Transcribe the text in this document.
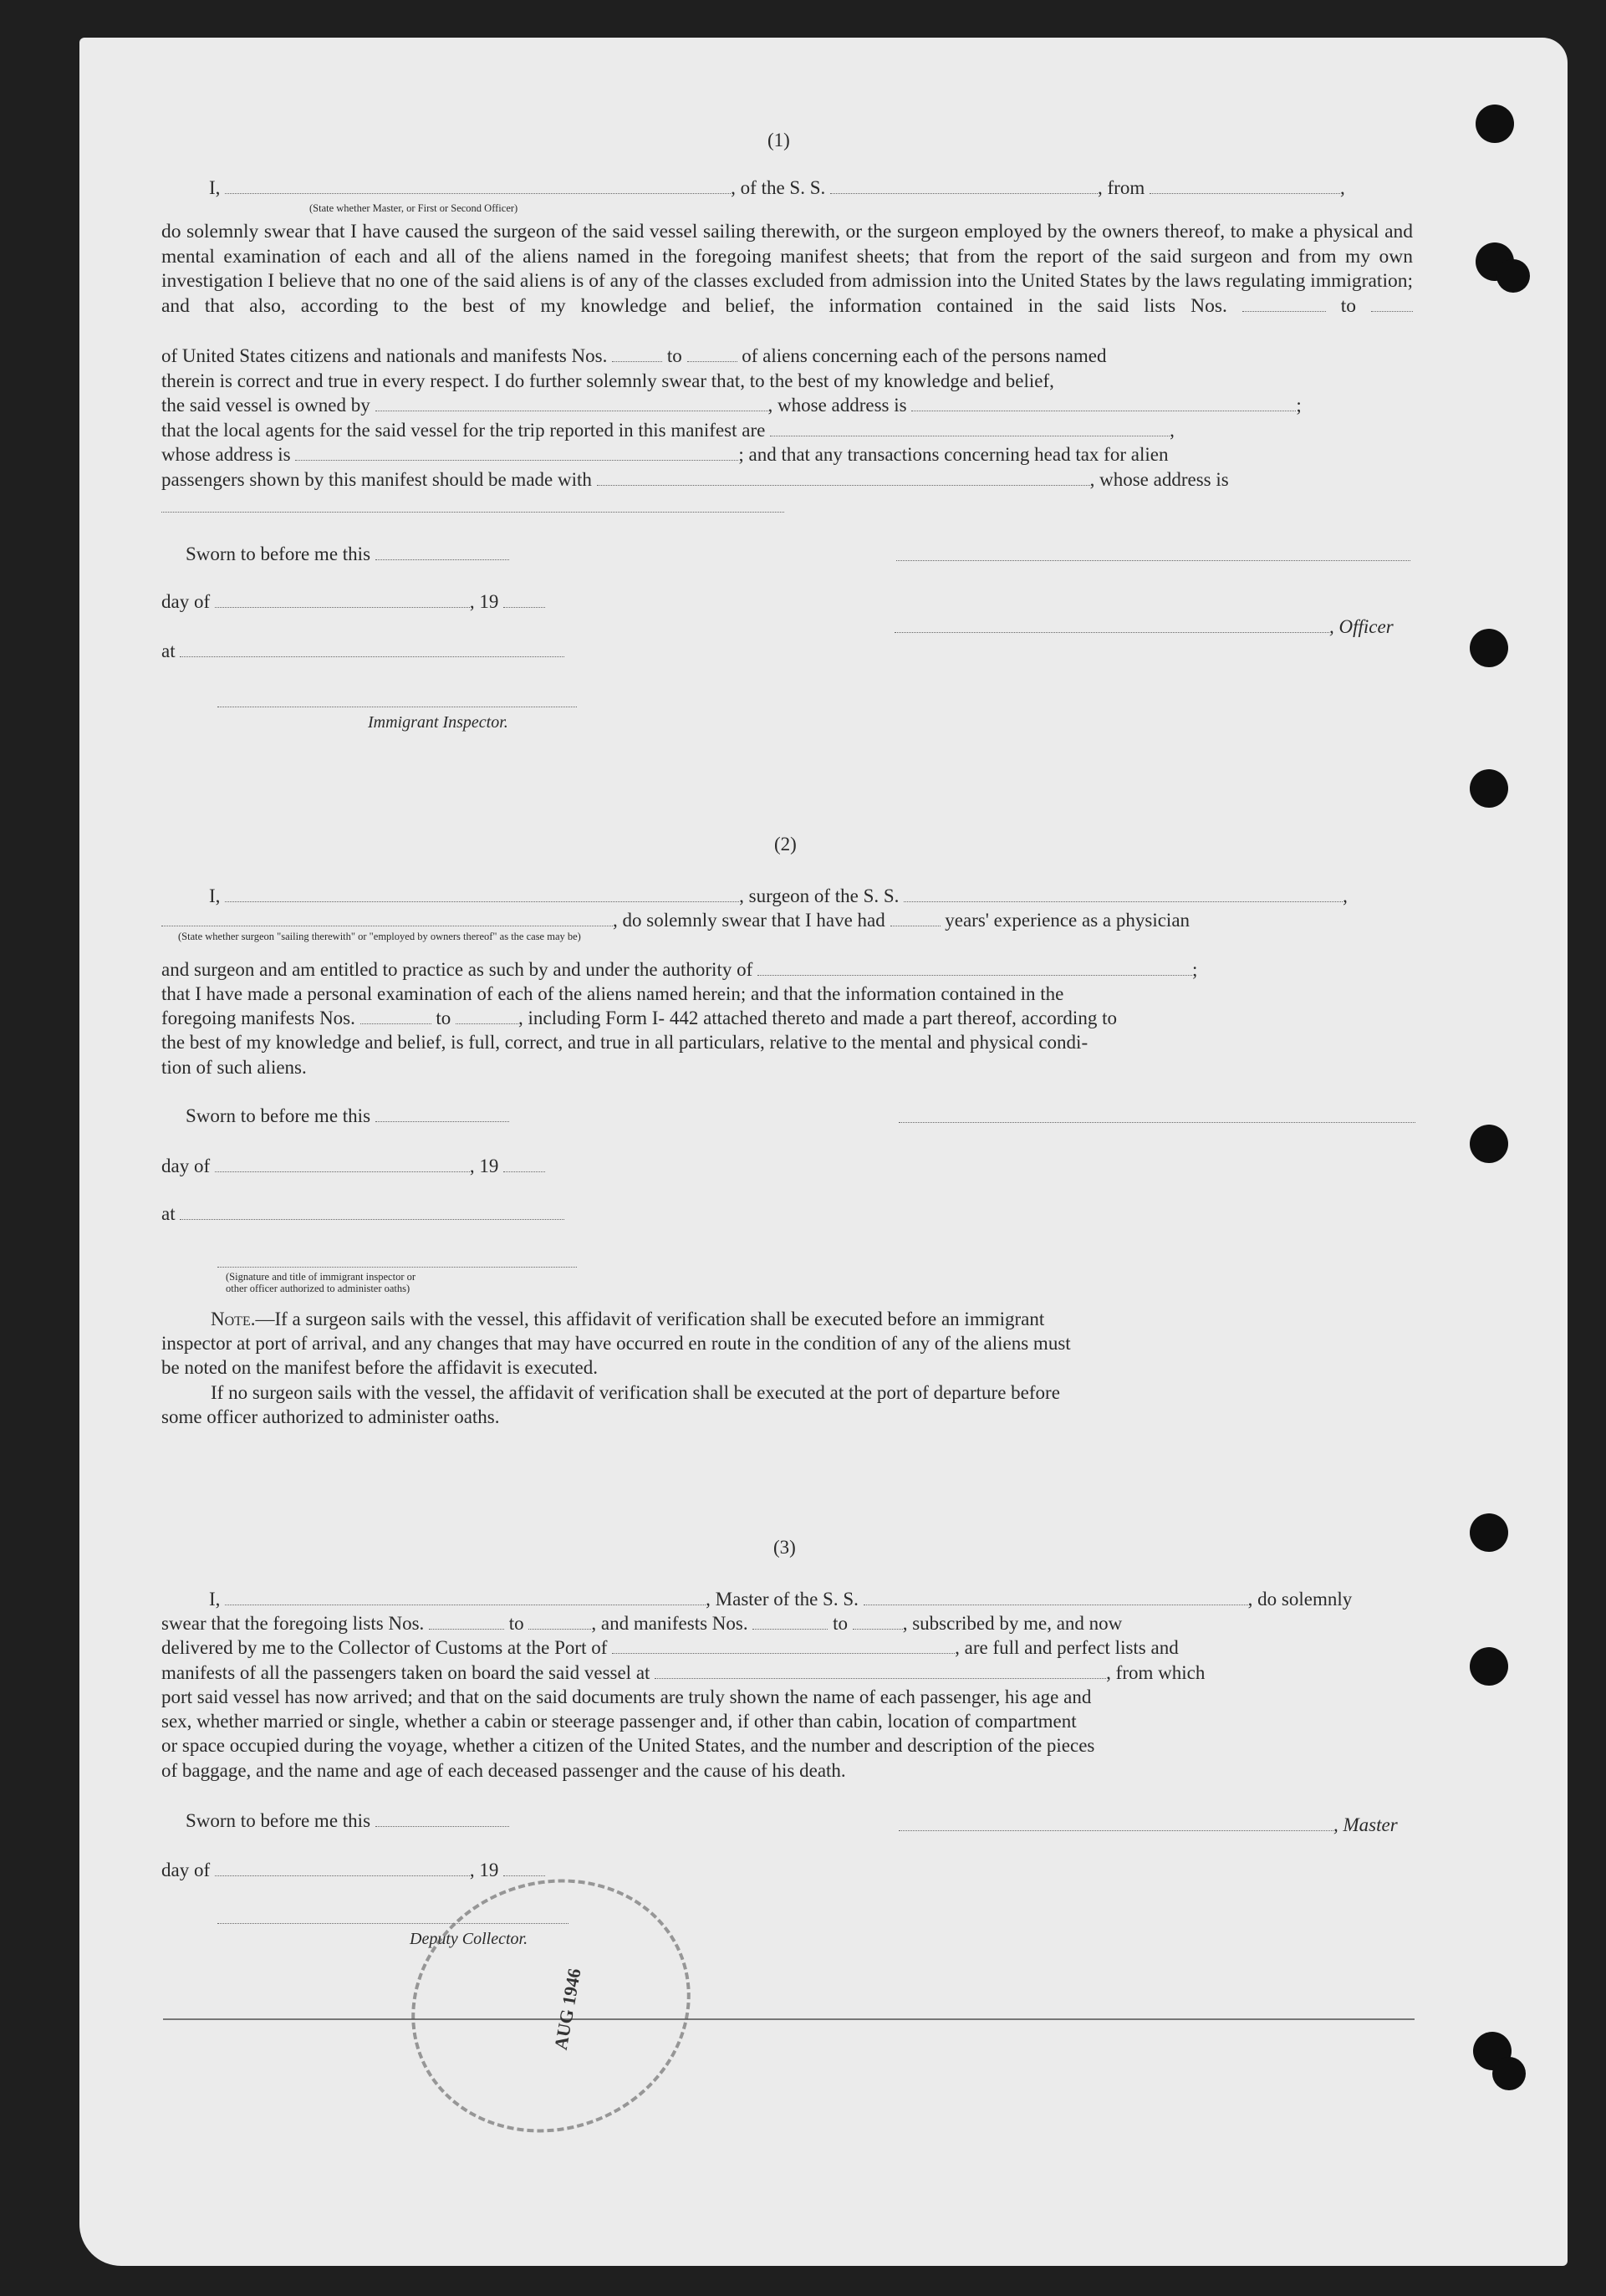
(1)
I,	, of the S. S.	, from	,
(State whether Master, or First or Second Officer)
do solemnly swear that I have caused the surgeon of the said vessel sailing therewith, or the surgeon employed by the owners thereof, to make a physical and mental examination of each and all of the aliens named in the foregoing manifest sheets; that from the report of the said surgeon and from my own investigation I believe that no one of the said aliens is of any of the classes excluded from admission into the United States by the laws regulating immigration; and that also, according to the best of my knowledge and belief, the information contained in the said lists Nos.	to
of United States citizens and nationals and manifests Nos.	to	of aliens concerning each of the persons named
therein is correct and true in every respect. I do further solemnly swear that, to the best of my knowledge and belief,
the said vessel is owned by	, whose address is	;
that the local agents for the said vessel for the trip reported in this manifest are	,
whose address is	; and that any transactions concerning head tax for alien
passengers shown by this manifest should be made with	, whose address is
Sworn to before me this
day of	, 19
, Officer
at
Immigrant Inspector.
(2)
I,	, surgeon of the S. S.	,
, do solemnly swear that I have had	years' experience as a physician
(State whether surgeon "sailing therewith" or "employed by owners thereof" as the case may be)
and surgeon and am entitled to practice as such by and under the authority of	;
that I have made a personal examination of each of the aliens named herein; and that the information contained in the
foregoing manifests Nos.	to	, including Form I- 442 attached thereto and made a part thereof, according to
the best of my knowledge and belief, is full, correct, and true in all particulars, relative to the mental and physical condi-
tion of such aliens.
Sworn to before me this
day of	, 19
at
(Signature and title of immigrant inspector or
other officer authorized to administer oaths)
Note.—If a surgeon sails with the vessel, this affidavit of verification shall be executed before an immigrant
inspector at port of arrival, and any changes that may have occurred en route in the condition of any of the aliens must
be noted on the manifest before the affidavit is executed.
If no surgeon sails with the vessel, the affidavit of verification shall be executed at the port of departure before
some officer authorized to administer oaths.
(3)
I,	, Master of the S. S.	, do solemnly
swear that the foregoing lists Nos.	to	, and manifests Nos.	to	, subscribed by me, and now
delivered by me to the Collector of Customs at the Port of	, are full and perfect lists and
manifests of all the passengers taken on board the said vessel at	, from which
port said vessel has now arrived; and that on the said documents are truly shown the name of each passenger, his age and
sex, whether married or single, whether a cabin or steerage passenger and, if other than cabin, location of compartment
or space occupied during the voyage, whether a citizen of the United States, and the number and description of the pieces
of baggage, and the name and age of each deceased passenger and the cause of his death.
Sworn to before me this	, Master
day of	, 19
Deputy Collector.
AUG 1946
